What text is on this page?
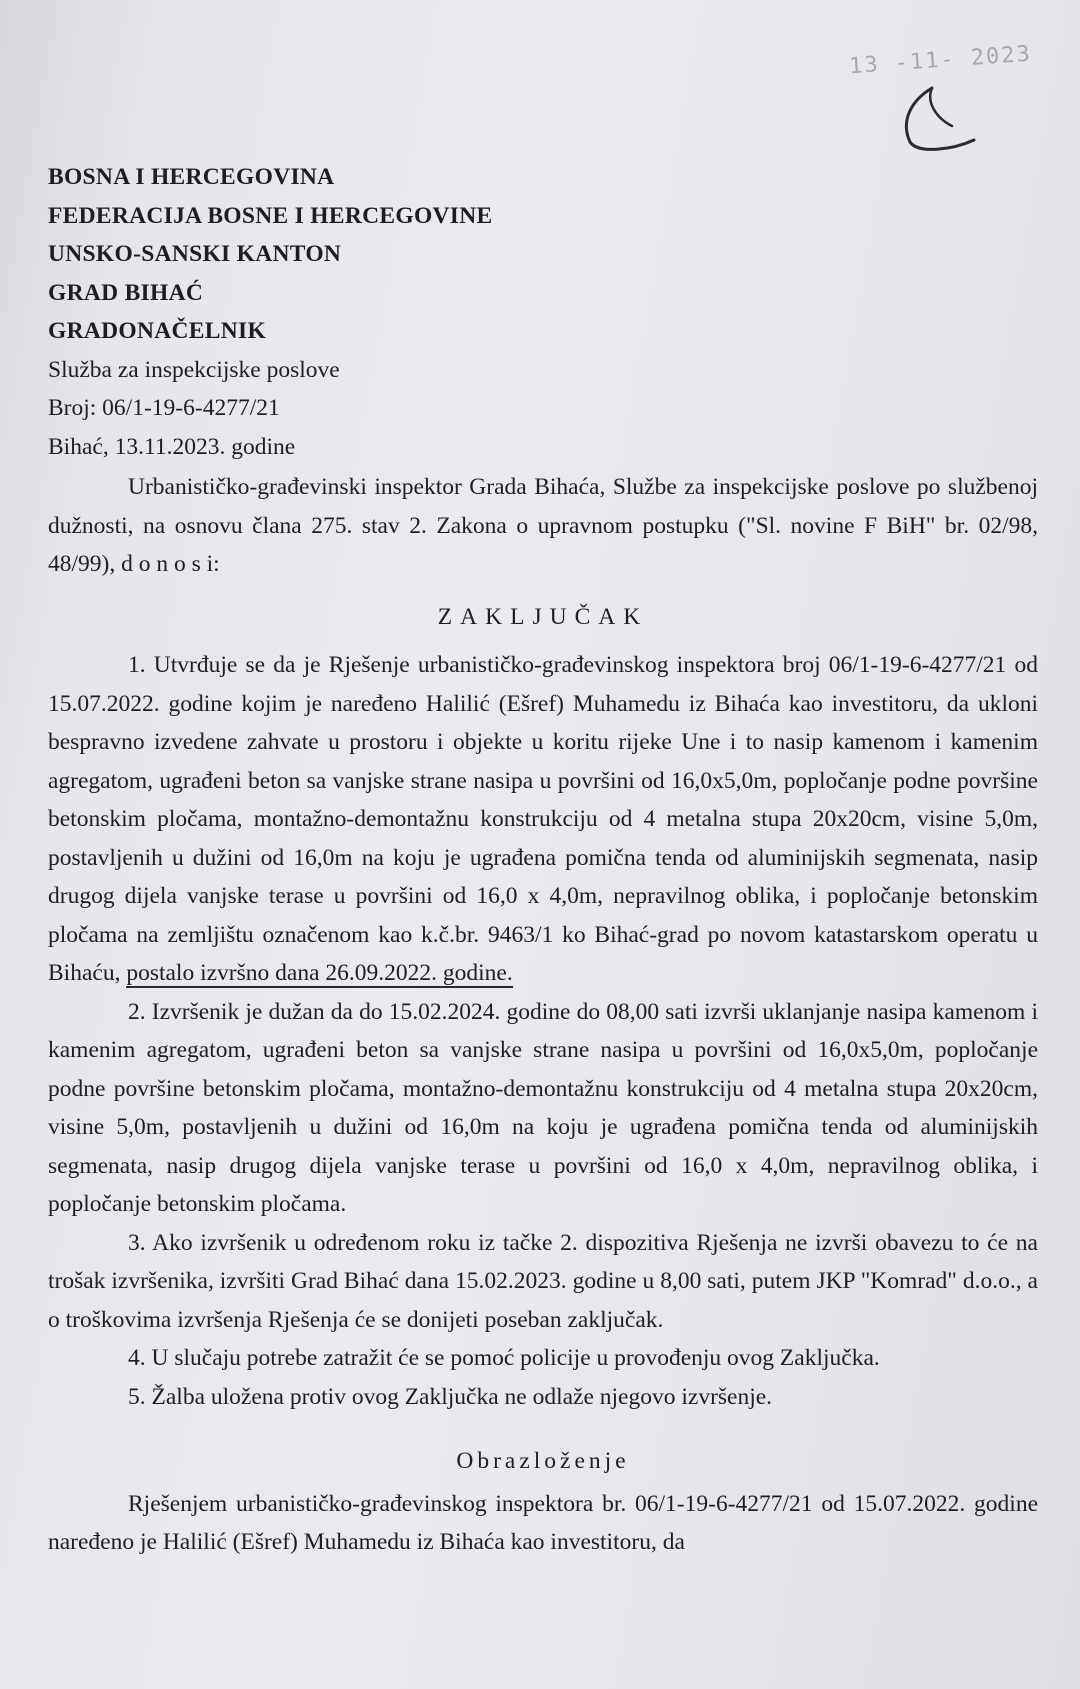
13 -11- 2023

BOSNA I HERCEGOVINA

FEDERACIJA BOSNE I HERCEGOVINE

UNSKO-SANSKI KANTON

GRAD BIHAĆ

GRADONAČELNIK

Služba za inspekcijske poslove

Broj: 06/1-19-6-4277/21

Bihać, 13.11.2023. godine

Urbanističko-građevinski inspektor Grada Bihaća, Službe za inspekcijske poslove po službenoj dužnosti, na osnovu člana 275. stav 2. Zakona o upravnom postupku ("Sl. novine F BiH" br. 02/98, 48/99), d o n o s i:

ZAKLJUČAK

1. Utvrđuje se da je Rješenje urbanističko-građevinskog inspektora broj 06/1-19-6-4277/21 od 15.07.2022. godine kojim je naređeno Halilić (Ešref) Muhamedu iz Bihaća kao investitoru, da ukloni bespravno izvedene zahvate u prostoru i objekte u koritu rijeke Une i to nasip kamenom i kamenim agregatom, ugrađeni beton sa vanjske strane nasipa u površini od 16,0x5,0m, popločanje podne površine betonskim pločama, montažno-demontažnu konstrukciju od 4 metalna stupa 20x20cm, visine 5,0m, postavljenih u dužini od 16,0m na koju je ugrađena pomična tenda od aluminijskih segmenata, nasip drugog dijela vanjske terase u površini od 16,0 x 4,0m, nepravilnog oblika, i popločanje betonskim pločama na zemljištu označenom kao k.č.br. 9463/1 ko Bihać-grad po novom katastarskom operatu u Bihaću, postalo izvršno dana 26.09.2022. godine.

2. Izvršenik je dužan da do 15.02.2024. godine do 08,00 sati izvrši uklanjanje nasipa kamenom i kamenim agregatom, ugrađeni beton sa vanjske strane nasipa u površini od 16,0x5,0m, popločanje podne površine betonskim pločama, montažno-demontažnu konstrukciju od 4 metalna stupa 20x20cm, visine 5,0m, postavljenih u dužini od 16,0m na koju je ugrađena pomična tenda od aluminijskih segmenata, nasip drugog dijela vanjske terase u površini od 16,0 x 4,0m, nepravilnog oblika, i popločanje betonskim pločama.

3. Ako izvršenik u određenom roku iz tačke 2. dispozitiva Rješenja ne izvrši obavezu to će na trošak izvršenika, izvršiti Grad Bihać dana 15.02.2023. godine u 8,00 sati, putem JKP "Komrad" d.o.o., a o troškovima izvršenja Rješenja će se donijeti poseban zaključak.

4. U slučaju potrebe zatražit će se pomoć policije u provođenju ovog Zaključka.

5. Žalba uložena protiv ovog Zaključka ne odlaže njegovo izvršenje.

Obrazloženje

Rješenjem urbanističko-građevinskog inspektora br. 06/1-19-6-4277/21 od 15.07.2022. godine naređeno je Halilić (Ešref) Muhamedu iz Bihaća kao investitoru, da
